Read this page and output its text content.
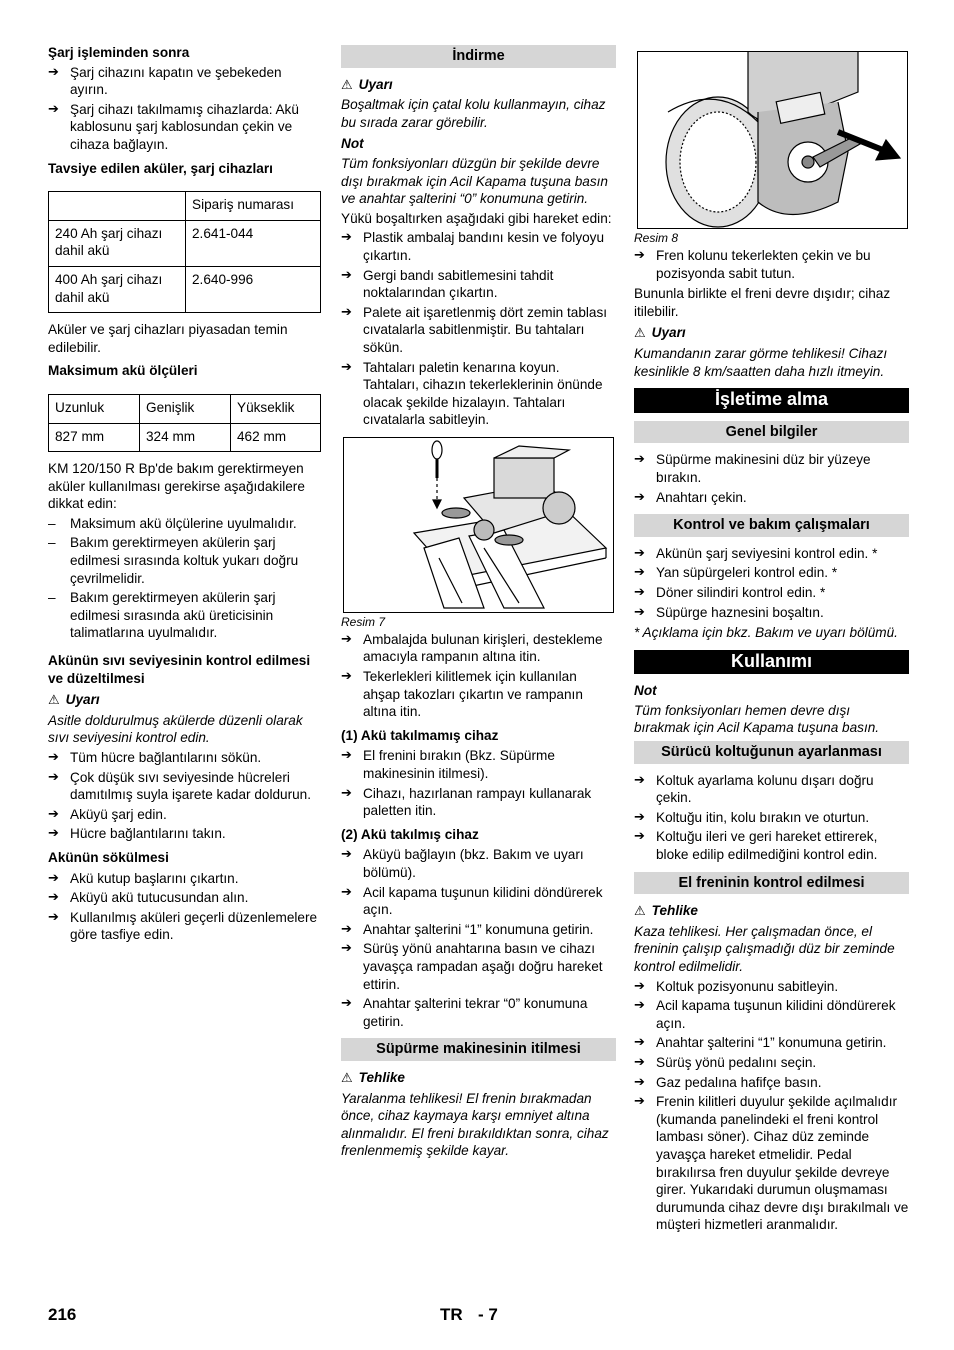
Şarj işleminden sonra

➔ Şarj cihazını kapatın ve şebekeden ayırın.
➔ Şarj cihazı takılmamış cihazlarda: Akü kablosunu şarj kablosundan çekin ve cihaza bağlayın.

Tavsiye edilen aküler, şarj cihazları

	Sipariş numarası
240 Ah şarj cihazı dahil akü	2.641-044
400 Ah şarj cihazı dahil akü	2.640-996

Aküler ve şarj cihazları piyasadan temin edilebilir.

Maksimum akü ölçüleri

Uzunluk	Genişlik	Yükseklik
827 mm	324 mm	462 mm

KM 120/150 R Bp'de bakım gerektirmeyen aküler kullanılması gerekirse aşağıdakilere dikkat edin:

– Maksimum akü ölçülerine uyulmalıdır.
– Bakım gerektirmeyen akülerin şarj edilmesi sırasında koltuk yukarı doğru çevrilmelidir.
– Bakım gerektirmeyen akülerin şarj edilmesi sırasında akü üreticisinin talimatlarına uyulmalıdır.

Akünün sıvı seviyesinin kontrol edilmesi ve düzeltilmesi

⚠ Uyarı

Asitle doldurulmuş akülerde düzenli olarak sıvı seviyesini kontrol edin.

➔ Tüm hücre bağlantılarını sökün.
➔ Çok düşük sıvı seviyesinde hücreleri damıtılmış suyla işarete kadar doldurun.
➔ Aküyü şarj edin.
➔ Hücre bağlantılarını takın.

Akünün sökülmesi

➔ Akü kutup başlarını çıkartın.
➔ Aküyü akü tutucusundan alın.
➔ Kullanılmış aküleri geçerli düzenlemelere göre tasfiye edin.
İndirme

⚠ Uyarı

Boşaltmak için çatal kolu kullanmayın, cihaz bu sırada zarar görebilir.

Not

Tüm fonksiyonları düzgün bir şekilde devre dışı bırakmak için Acil Kapama tuşuna basın ve anahtar şalterini “0” konumuna getirin.

Yükü boşaltırken aşağıdaki gibi hareket edin:

➔ Plastik ambalaj bandını kesin ve folyoyu çıkartın.
➔ Gergi bandı sabitlemesini tahdit noktalarından çıkartın.
➔ Palete ait işaretlenmiş dört zemin tablası cıvatalarla sabitlenmiştir. Bu tahtaları sökün.
➔ Tahtaları paletin kenarına koyun. Tahtaları, cihazın tekerleklerinin önünde olacak şekilde hizalayın. Tahtaları cıvatalarla sabitleyin.

Resim 7

➔ Ambalajda bulunan kirişleri, destekleme amacıyla rampanın altına itin.
➔ Tekerlekleri kilitlemek için kullanılan ahşap takozları çıkartın ve rampanın altına itin.

(1) Akü takılmamış cihaz

➔ El frenini bırakın (Bkz. Süpürme makinesinin itilmesi).
➔ Cihazı, hazırlanan rampayı kullanarak paletten itin.

(2) Akü takılmış cihaz

➔ Aküyü bağlayın (bkz. Bakım ve uyarı bölümü).
➔ Acil kapama tuşunun kilidini döndürerek açın.
➔ Anahtar şalterini “1” konumuna getirin.
➔ Sürüş yönü anahtarına basın ve cihazı yavaşça rampadan aşağı doğru hareket ettirin.
➔ Anahtar şalterini tekrar “0” konumuna getirin.
Süpürme makinesinin itilmesi

⚠ Tehlike

Yaralanma tehlikesi! El frenin bırakmadan önce, cihaz kaymaya karşı emniyet altına alınmalıdır. El freni bırakıldıktan sonra, cihaz frenlenmemiş şekilde kayar.

Resim 8

➔ Fren kolunu tekerlekten çekin ve bu pozisyonda sabit tutun.

Bununla birlikte el freni devre dışıdır; cihaz itilebilir.

⚠ Uyarı

Kumandanın zarar görme tehlikesi! Cihazı kesinlikle 8 km/saatten daha hızlı itmeyin.

İşletime alma
Genel bilgiler
➔ Süpürme makinesini düz bir yüzeye bırakın.
➔ Anahtarı çekin.
Kontrol ve bakım çalışmaları
➔ Akünün şarj seviyesini kontrol edin. *
➔ Yan süpürgeleri kontrol edin. *
➔ Döner silindiri kontrol edin. *
➔ Süpürge haznesini boşaltın.

* Açıklama için bkz. Bakım ve uyarı bölümü.

Kullanımı

Not

Tüm fonksiyonları hemen devre dışı bırakmak için Acil Kapama tuşuna basın.

Sürücü koltuğunun ayarlanması
➔ Koltuk ayarlama kolunu dışarı doğru çekin.
➔ Koltuğu itin, kolu bırakın ve oturtun.
➔ Koltuğu ileri ve geri hareket ettirerek, bloke edilip edilmediğini kontrol edin.
El freninin kontrol edilmesi

⚠ Tehlike

Kaza tehlikesi. Her çalışmadan önce, el freninin çalışıp çalışmadığı düz bir zeminde kontrol edilmelidir.

➔ Koltuk pozisyonunu sabitleyin.
➔ Acil kapama tuşunun kilidini döndürerek açın.
➔ Anahtar şalterini “1” konumuna getirin.
➔ Sürüş yönü pedalını seçin.
➔ Gaz pedalına hafifçe basın.
➔ Frenin kilitleri duyulur şekilde açılmalıdır (kumanda panelindeki el freni kontrol lambası söner). Cihaz düz zeminde yavaşça hareket etmelidir. Pedal bırakılırsa fren duyulur şekilde devreye girer. Yukarıdaki durumun oluşmaması durumunda cihaz devre dışı bırakılmalı ve müşteri hizmetleri aranmalıdır.
216	TR - 7
